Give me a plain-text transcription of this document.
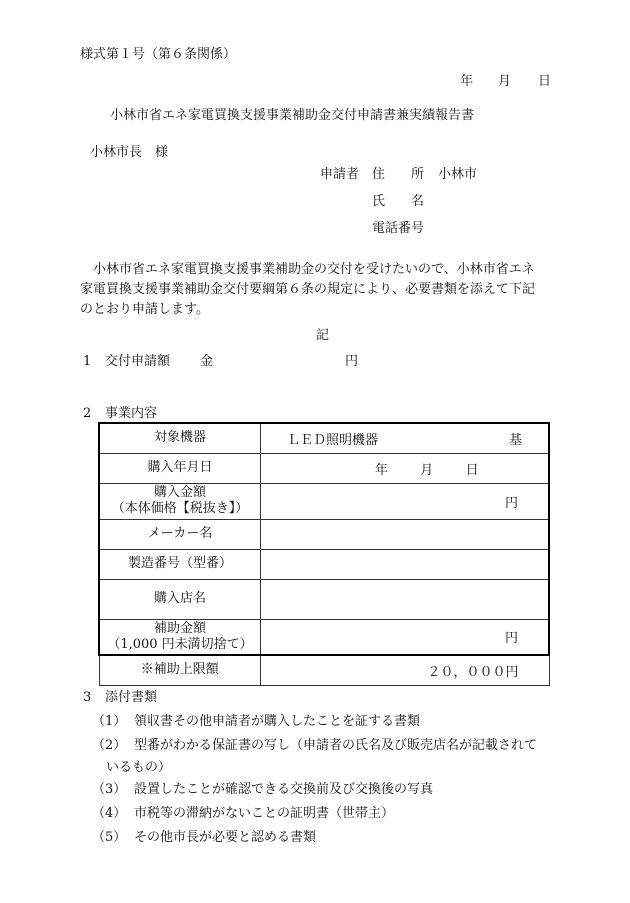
様式第１号（第６条関係）
年 月 日
小林市省エネ家電買換支援事業補助金交付申請書兼実績報告書
小林市長　様
申請者 住　　所 小林市
氏　　名
電話番号
小林市省エネ家電買換支援事業補助金の交付を受けたいので、小林市省エネ
家電買換支援事業補助金交付要綱第６条の規定により、必要書類を添えて下記
のとおり申請します。
記
1 交付申請額 金	円
2 事業内容
対象機器	ＬＥＤ照明機器 基

購入年月日	年 月 日

購入金額
（本体価格【税抜き】）	円
メーカー名	
製造番号（型番）	
購入店名	

補助金額
（1,000 円未満切捨て）	円
※補助上限額	２０，０００円
3 添付書類
（1） 領収書その他申請者が購入したことを証する書類
（2） 型番がわかる保証書の写し（申請者の氏名及び販売店名が記載されて
いるもの）
（3） 設置したことが確認できる交換前及び交換後の写真
（4） 市税等の滞納がないことの証明書（世帯主）
（5） その他市長が必要と認める書類
